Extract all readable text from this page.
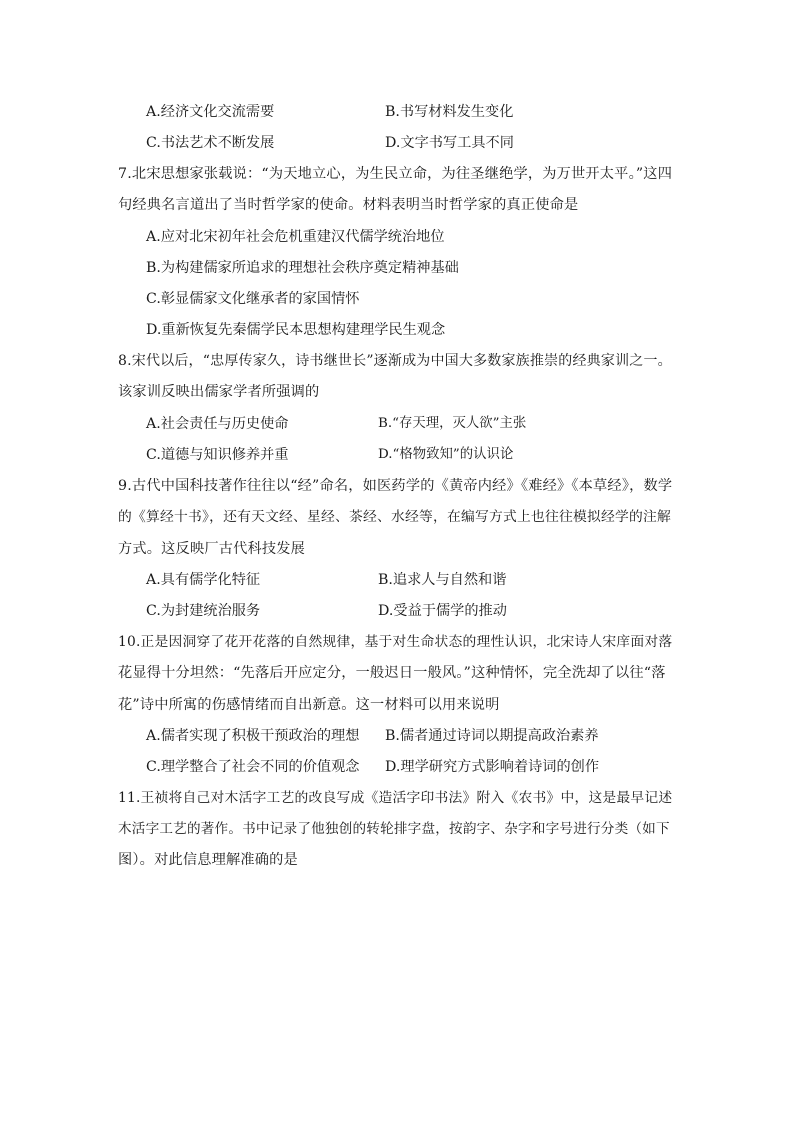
A.经济文化交流需要	B.书写材料发生变化
C.书法艺术不断发展	D.文字书写工具不同
7.北宋思想家张载说：“为天地立心，为生民立命，为往圣继绝学，为万世开太平。”这四
句经典名言道出了当时哲学家的使命。材料表明当时哲学家的真正使命是
A.应对北宋初年社会危机重建汉代儒学统治地位
B.为构建儒家所追求的理想社会秩序奠定精神基础
C.彰显儒家文化继承者的家国情怀
D.重新恢复先秦儒学民本思想构建理学民生观念
8.宋代以后，“忠厚传家久，诗书继世长”逐渐成为中国大多数家族推崇的经典家训之一。
该家训反映出儒家学者所强调的
A.社会责任与历史使命	B.“存天理，灭人欲”主张
C.道德与知识修养并重	D.“格物致知”的认识论
9.古代中国科技著作往往以“经”命名，如医药学的《黄帝内经》《难经》《本草经》，数学
的《算经十书》，还有天文经、星经、茶经、水经等，在编写方式上也往往模拟经学的注解
方式。这反映厂古代科技发展
A.具有儒学化特征	B.追求人与自然和谐
C.为封建统治服务	D.受益于儒学的推动
10.正是因洞穿了花开花落的自然规律，基于对生命状态的理性认识，北宋诗人宋庠面对落
花显得十分坦然：“先落后开应定分，一般迟日一般风。”这种情怀，完全洗却了以往“落
花”诗中所寓的伤感情绪而自出新意。这一材料可以用来说明
A.儒者实现了积极干预政治的理想 B.儒者通过诗词以期提高政治素养
C.理学整合了社会不同的价值观念 D.理学研究方式影响着诗词的创作
11.王祯将自己对木活字工艺的改良写成《造活字印书法》附入《农书》中，这是最早记述
木活字工艺的著作。书中记录了他独创的转轮排字盘，按韵字、杂字和字号进行分类（如下
图）。对此信息理解准确的是
